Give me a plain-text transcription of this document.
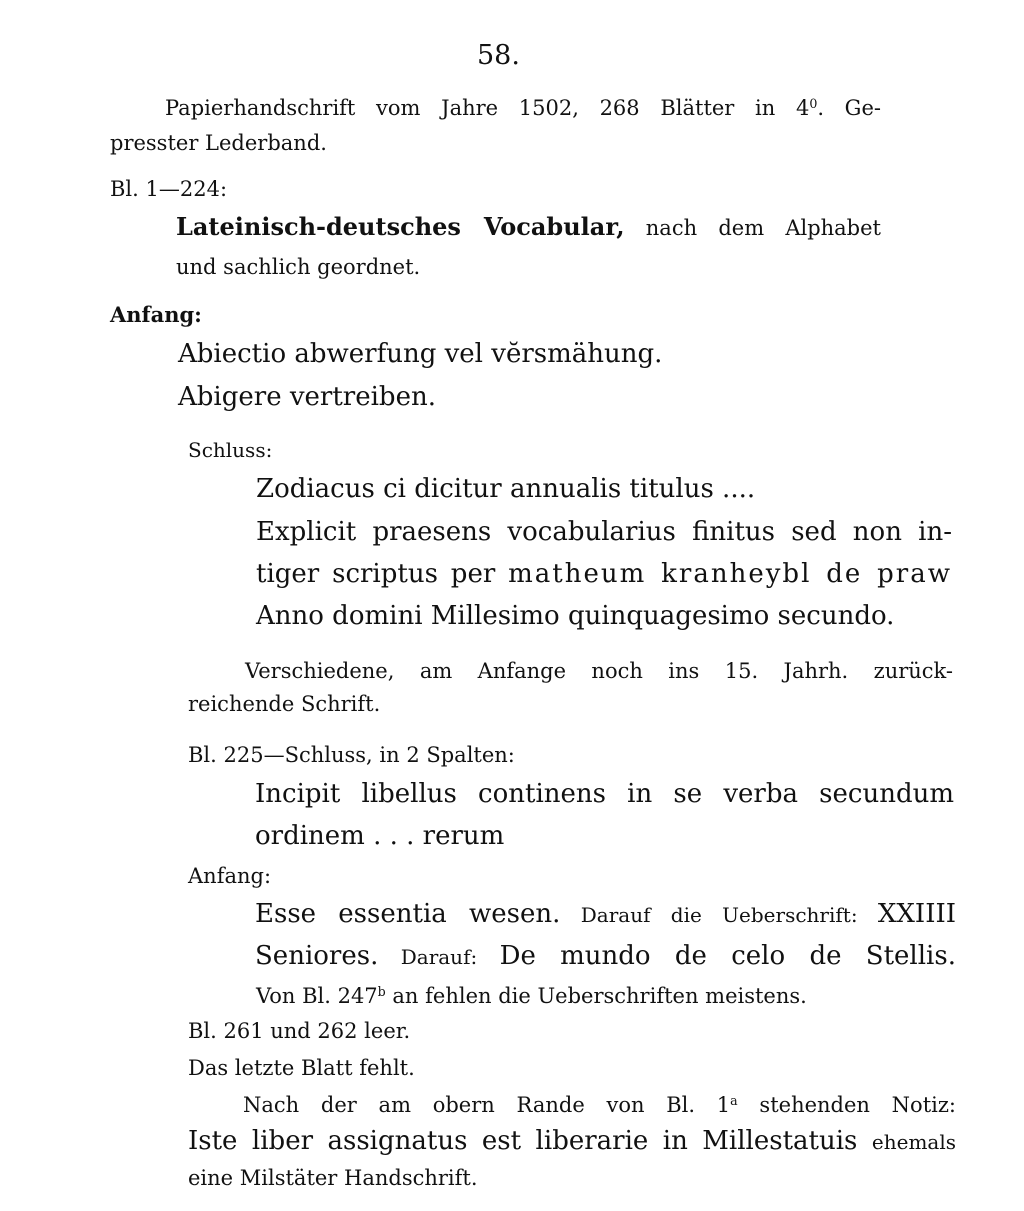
58.
Papierhandschrift vom Jahre 1502, 268 Blätter in $4^0$. Ge-
presster Lederband.
Bl. 1—224:
Lateinisch-deutsches Vocabular, nach dem Alphabet
und sachlich geordnet.
Anfang:
Abiectio abwerfung vel vĕrsmähung.
Abigere vertreiben.
Schluss:
Zodiacus ci dicitur annualis titulus ....
Explicit praesens vocabularius finitus sed non in-
tiger scriptus per matheum kranheybl de praw
Anno domini Millesimo quinquagesimo secundo.
Verschiedene, am Anfange noch ins 15. Jahrh. zurück-
reichende Schrift.
Bl. 225—Schluss, in 2 Spalten:
Incipit libellus continens in se verba secundum
ordinem . . . rerum
Anfang:
Esse essentia wesen. Darauf die Ueberschrift: XXIIII
Seniores. Darauf: De mundo de celo de Stellis.
Von Bl. 247$^b$ an fehlen die Ueberschriften meistens.
Bl. 261 und 262 leer.
Das letzte Blatt fehlt.
Nach der am obern Rande von Bl. 1$^a$ stehenden Notiz:
Iste liber assignatus est liberarie in Millestatuis ehemals
eine Milstäter Handschrift.
